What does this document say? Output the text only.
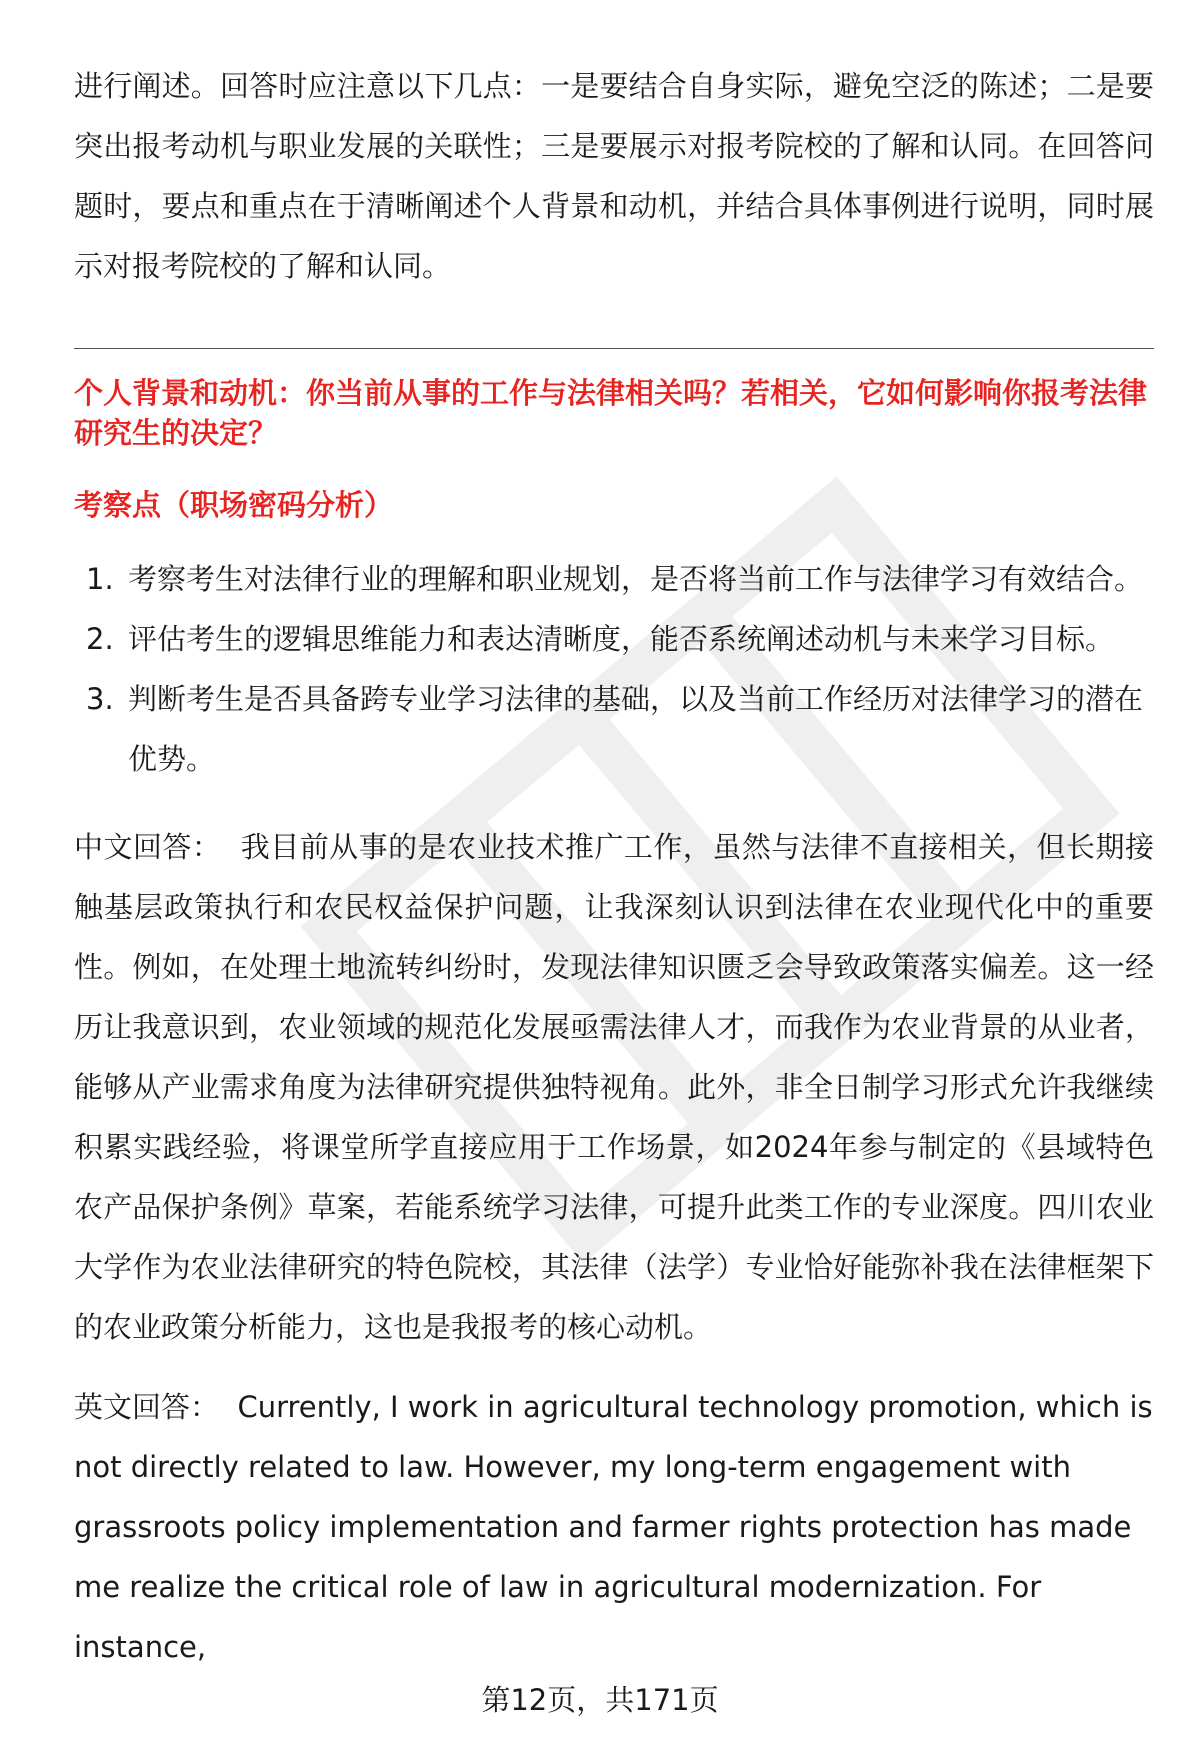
进行阐述。回答时应注意以下几点：一是要结合自身实际，避免空泛的陈述；二是要突出报考动机与职业发展的关联性；三是要展示对报考院校的了解和认同。在回答问题时，要点和重点在于清晰阐述个人背景和动机，并结合具体事例进行说明，同时展示对报考院校的了解和认同。

个人背景和动机：你当前从事的工作与法律相关吗？若相关，它如何影响你报考法律研究生的决定？

考察点（职场密码分析）

1. 考察考生对法律行业的理解和职业规划，是否将当前工作与法律学习有效结合。
2. 评估考生的逻辑思维能力和表达清晰度，能否系统阐述动机与未来学习目标。
3. 判断考生是否具备跨专业学习法律的基础，以及当前工作经历对法律学习的潜在优势。

中文回答： 我目前从事的是农业技术推广工作，虽然与法律不直接相关，但长期接触基层政策执行和农民权益保护问题，让我深刻认识到法律在农业现代化中的重要性。例如，在处理土地流转纠纷时，发现法律知识匮乏会导致政策落实偏差。这一经历让我意识到，农业领域的规范化发展亟需法律人才，而我作为农业背景的从业者，能够从产业需求角度为法律研究提供独特视角。此外，非全日制学习形式允许我继续积累实践经验，将课堂所学直接应用于工作场景，如2024年参与制定的《县域特色农产品保护条例》草案，若能系统学习法律，可提升此类工作的专业深度。四川农业大学作为农业法律研究的特色院校，其法律（法学）专业恰好能弥补我在法律框架下的农业政策分析能力，这也是我报考的核心动机。

英文回答： Currently, I work in agricultural technology promotion, which is not directly related to law. However, my long-term engagement with grassroots policy implementation and farmer rights protection has made me realize the critical role of law in agricultural modernization. For instance,

第12页，共171页
